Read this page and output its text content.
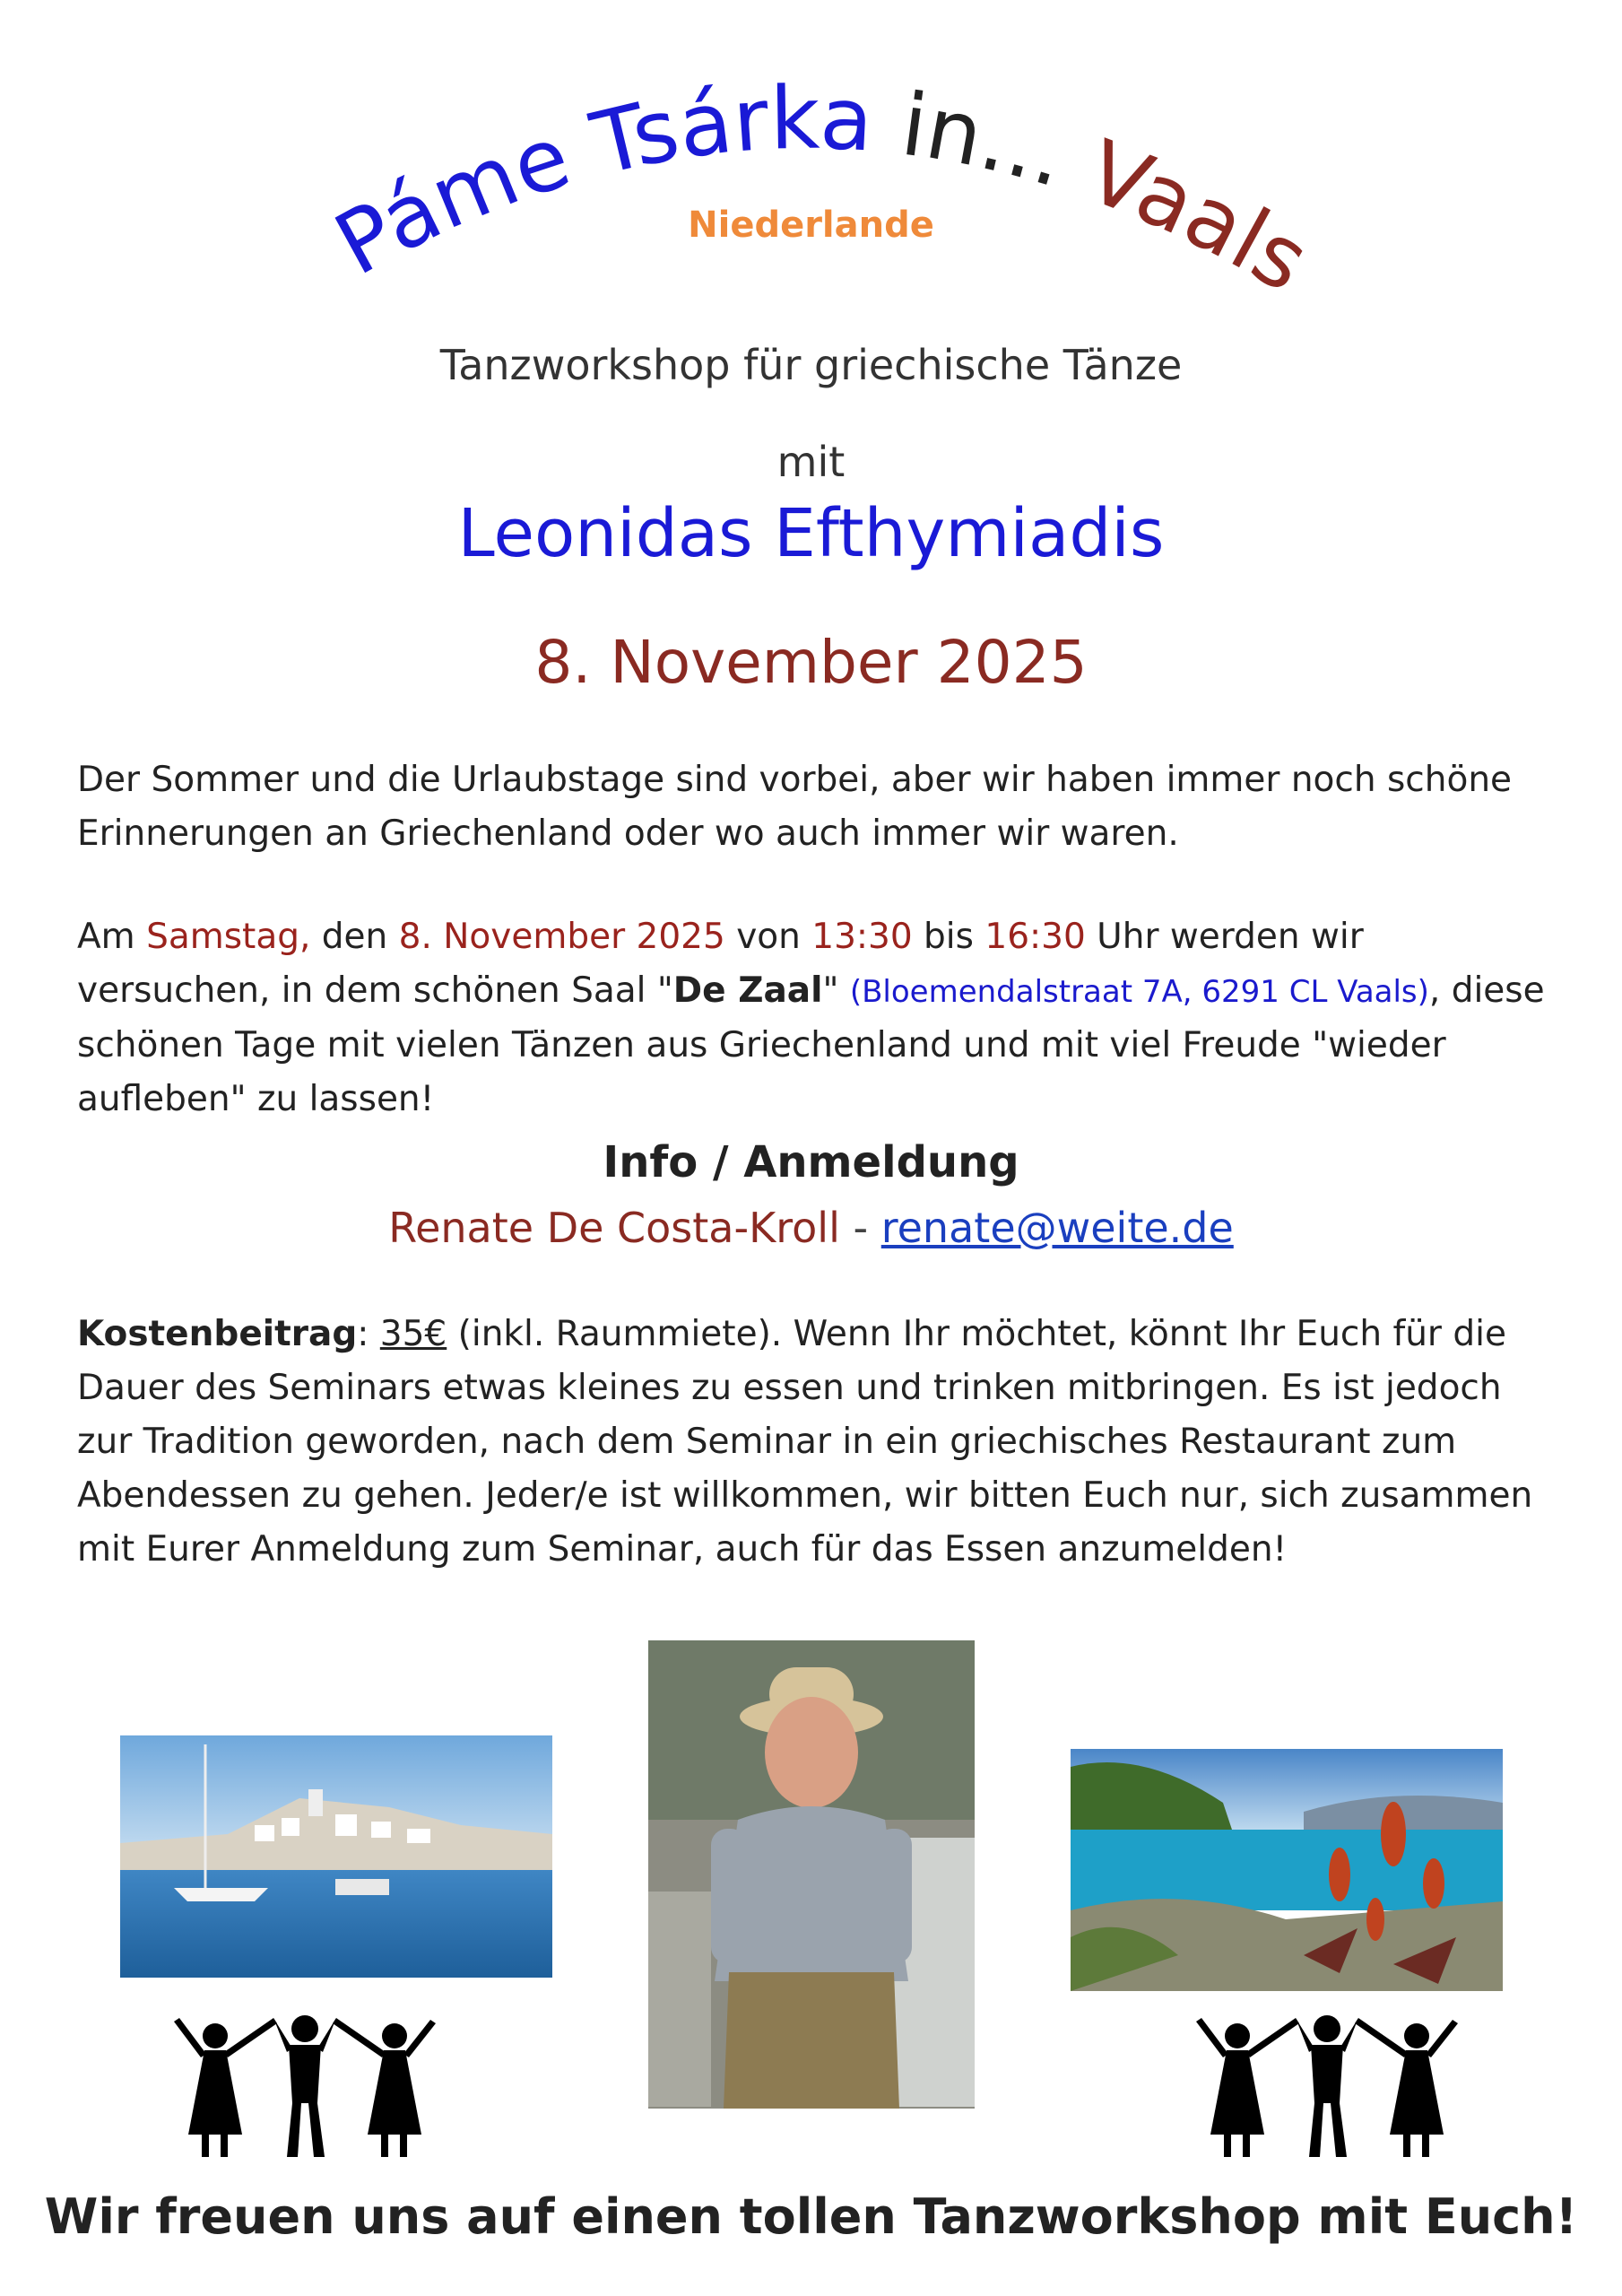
Páme Tsárka in... Vaals
Niederlande
Tanzworkshop für griechische Tänze
mit
Leonidas Efthymiadis
8. November 2025
Der Sommer und die Urlaubstage sind vorbei, aber wir haben immer noch schöne Erinnerungen an Griechenland oder wo auch immer wir waren.
Am Samstag, den 8. November 2025 von 13:30 bis 16:30 Uhr werden wir versuchen, in dem schönen Saal "De Zaal" (Bloemendalstraat 7A, 6291 CL Vaals), diese schönen Tage mit vielen Tänzen aus Griechenland und mit viel Freude "wieder aufleben" zu lassen!
Info / Anmeldung
Renate De Costa-Kroll - renate@weite.de
Kostenbeitrag: 35€ (inkl. Raummiete). Wenn Ihr möchtet, könnt Ihr Euch für die Dauer des Seminars etwas kleines zu essen und trinken mitbringen. Es ist jedoch zur Tradition geworden, nach dem Seminar in ein griechisches Restaurant zum Abendessen zu gehen. Jeder/e ist willkommen, wir bitten Euch nur, sich zusammen mit Eurer Anmeldung zum Seminar, auch für das Essen anzumelden!
Wir freuen uns auf einen tollen Tanzworkshop mit Euch!
